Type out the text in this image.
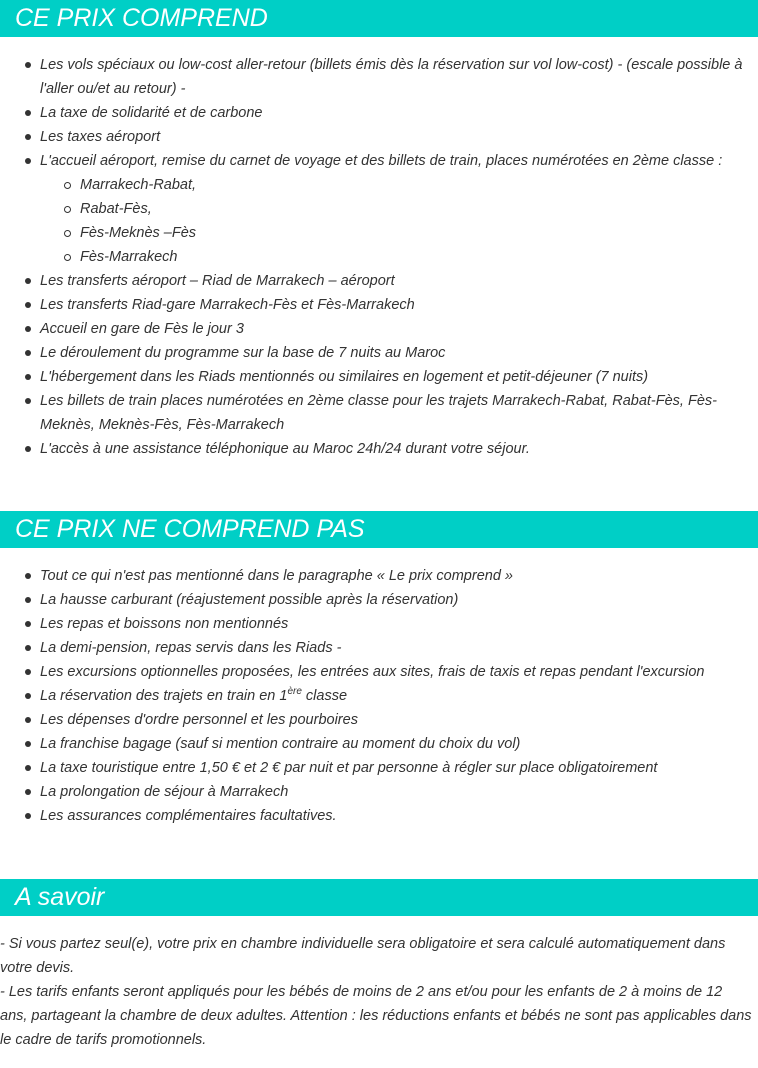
CE PRIX COMPREND
Les vols spéciaux ou low-cost aller-retour (billets émis dès la réservation sur vol low-cost) - (escale possible à l'aller ou/et au retour) -
La taxe de solidarité et de carbone
Les taxes aéroport
L'accueil aéroport, remise du carnet de voyage et des billets de train, places numérotées en 2ème classe :
Marrakech-Rabat,
Rabat-Fès,
Fès-Meknès –Fès
Fès-Marrakech
Les transferts aéroport – Riad de Marrakech – aéroport
Les transferts Riad-gare Marrakech-Fès et Fès-Marrakech
Accueil en gare de Fès le jour 3
Le déroulement du programme sur la base de 7 nuits au Maroc
L'hébergement dans les Riads mentionnés ou similaires en logement et petit-déjeuner (7 nuits)
Les billets de train places numérotées en 2ème classe pour les trajets Marrakech-Rabat, Rabat-Fès, Fès-Meknès, Meknès-Fès, Fès-Marrakech
L'accès à une assistance téléphonique au Maroc 24h/24 durant votre séjour.
CE PRIX NE COMPREND PAS
Tout ce qui n'est pas mentionné dans le paragraphe « Le prix comprend »
La hausse carburant (réajustement possible après la réservation)
Les repas et boissons non mentionnés
La demi-pension, repas servis dans les Riads -
Les excursions optionnelles proposées, les entrées aux sites, frais de taxis et repas pendant l'excursion
La réservation des trajets en train en 1ère classe
Les dépenses d'ordre personnel et les pourboires
La franchise bagage (sauf si mention contraire au moment du choix du vol)
La taxe touristique entre 1,50 € et 2 € par nuit et par personne à régler sur place obligatoirement
La prolongation de séjour à Marrakech
Les assurances complémentaires facultatives.
A savoir

- Si vous partez seul(e), votre prix en chambre individuelle sera obligatoire et sera calculé automatiquement dans votre devis.

- Les tarifs enfants seront appliqués pour les bébés de moins de 2 ans et/ou pour les enfants de 2 à moins de 12 ans, partageant la chambre de deux adultes. Attention : les réductions enfants et bébés ne sont pas applicables dans le cadre de tarifs promotionnels.
